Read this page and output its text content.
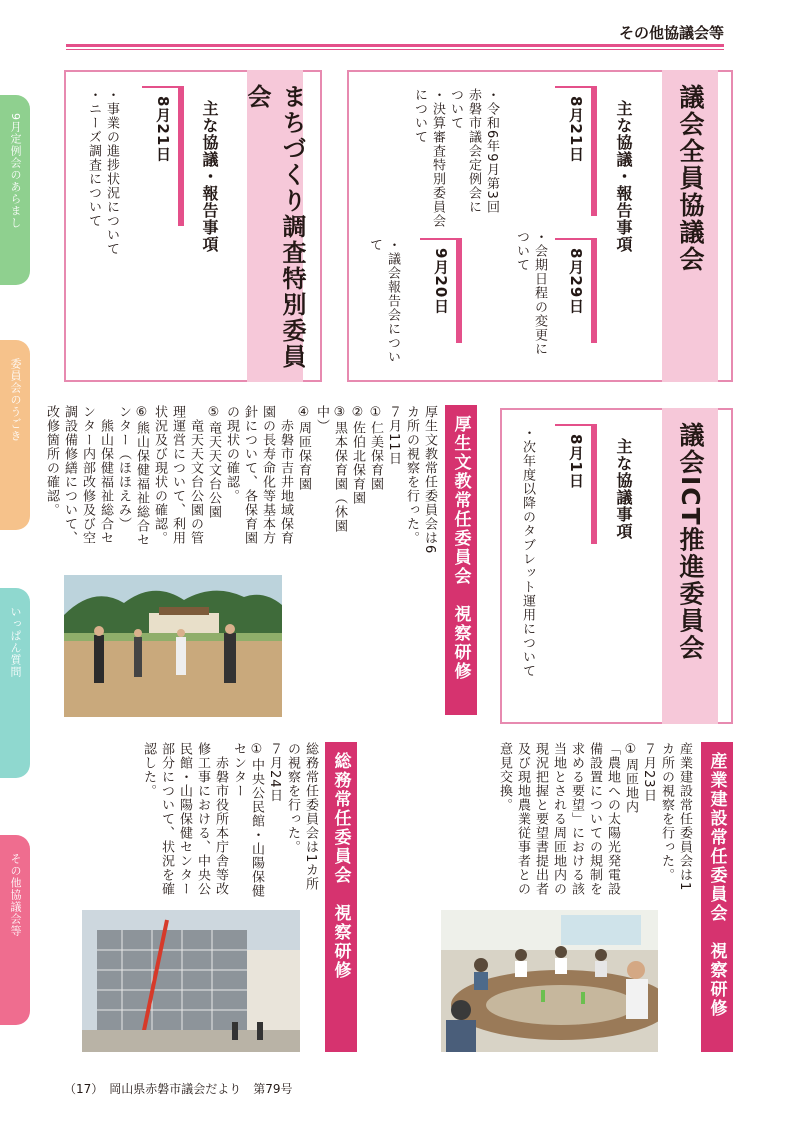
その他協議会等
9月定例会のあらまし
委員会のうごき
いっぱん質問
その他協議会等
議会全員協議会
主な協議・報告事項
8月21日
・令和6年9月第3回
赤磐市議会定例会に
ついて
・決算審査特別委員会
について
8月29日
・会期日程の変更に
ついて
9月20日
・議会報告会につい
て
まちづくり調査特別委員会
主な協議・報告事項
8月21日
・事業の進捗状況について
・ニーズ調査について
議会ICT推進委員会
主な協議事項
8月1日
・次年度以降のタブレット運用について
厚生文教常任委員会　視察研修
厚生文教常任委員会は6カ所の視察を行った。
７月11日
①仁美保育園
②佐伯北保育園
③黒本保育園（休園中）
④周匝保育園
　赤磐市吉井地域保育園の長寿命化等基本方針について、各保育園の現状の確認。
⑤竜天天文台公園
　竜天天文台公園の管理運営について、利用状況及び現状の確認。
⑥熊山保健福祉総合センター（ほほえみ）
　熊山保健福祉総合センター内部改修及び空調設備修繕について、改修箇所の確認。
産業建設常任委員会　視察研修
産業建設常任委員会は1カ所の視察を行った。
７月23日
①周匝地内
「農地への太陽光発電設備設置についての規制を求める要望」における該当地とされる周匝地内の現況把握と要望書提出者及び現地農業従事者との意見交換。
総務常任委員会　視察研修
総務常任委員会は1カ所の視察を行った。
７月24日
①中央公民館・山陽保健センター
　赤磐市役所本庁舎等改修工事における、中央公民館・山陽保健センター部分について、状況を確認した。
（17）　岡山県赤磐市議会だより　第79号
